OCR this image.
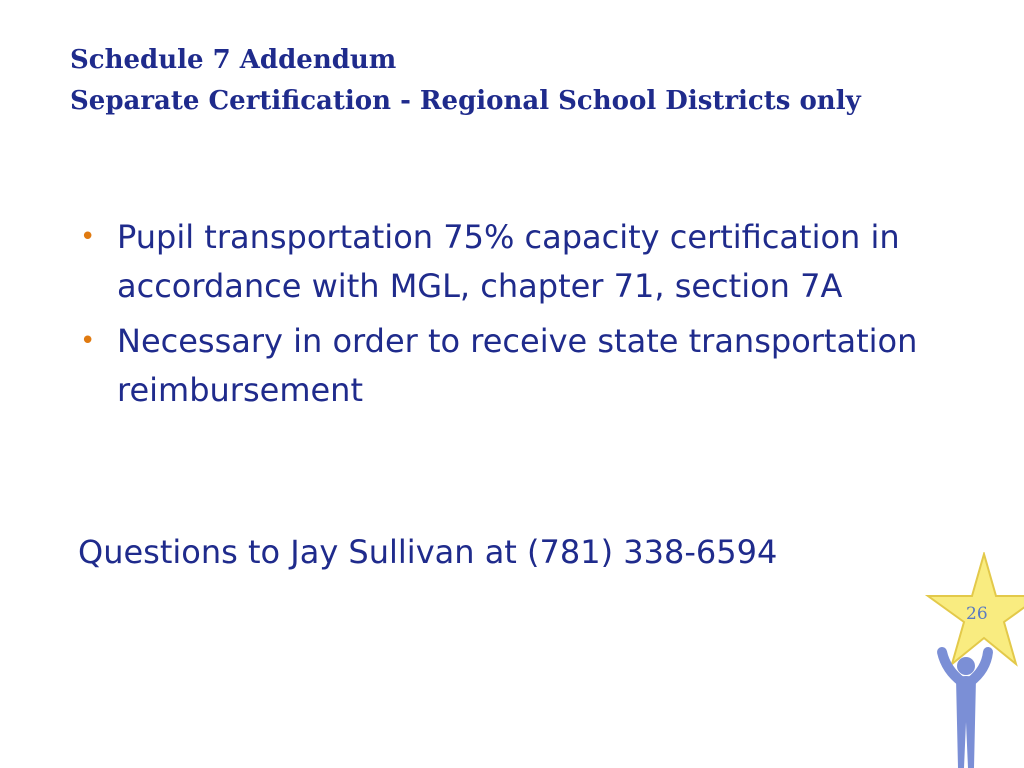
Schedule 7 Addendum
Separate Certification - Regional School Districts only
• Pupil transportation 75% capacity certification in accordance with MGL, chapter 71, section 7A
• Necessary in order to receive state transportation reimbursement

Questions to Jay Sullivan at (781) 338-6594

26
